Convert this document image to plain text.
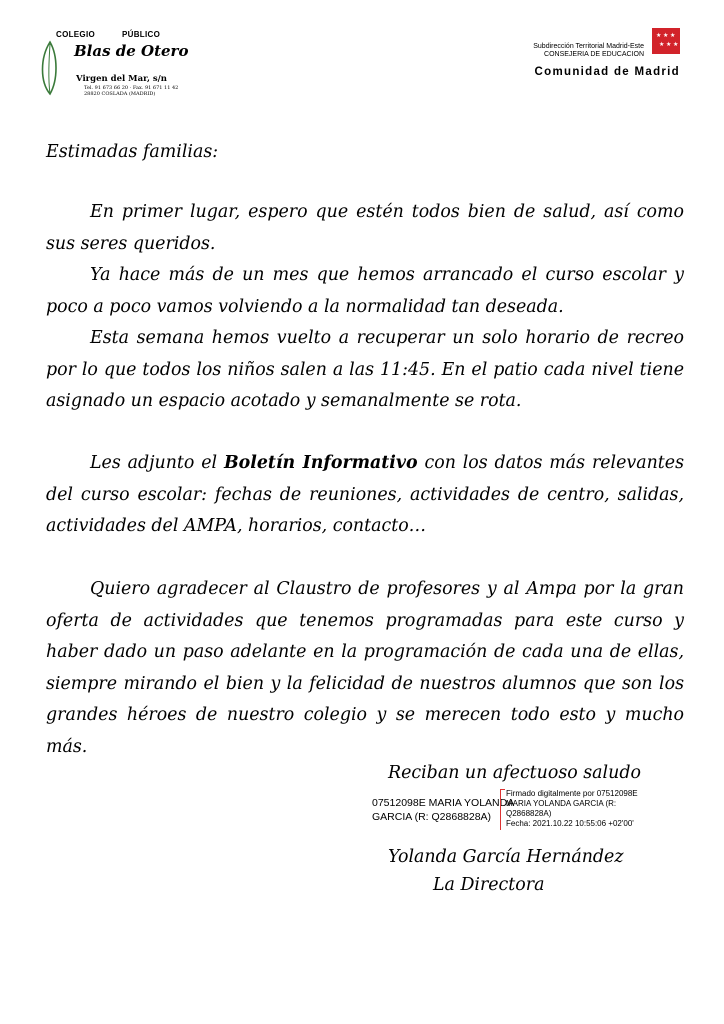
COLEGIO	PÚBLICO
Blas de Otero
Virgen del Mar, s/n
Tel. 91 673 66 20 · Fax. 91 671 11 42
28820 COSLADA (MADRID)
★ ★ ★
★ ★ ★
Subdirección Territorial Madrid-Este
CONSEJERIA DE EDUCACION
Comunidad de Madrid
Estimadas familias:

En primer lugar, espero que estén todos bien de salud, así como sus seres queridos.

Ya hace más de un mes que hemos arrancado el curso escolar y poco a poco vamos volviendo a la normalidad tan deseada.

Esta semana hemos vuelto a recuperar un solo horario de recreo por lo que todos los niños salen a las 11:45. En el patio cada nivel tiene asignado un espacio acotado y semanalmente se rota.

Les adjunto el Boletín Informativo con los datos más relevantes del curso escolar: fechas de reuniones, actividades de centro, salidas, actividades del AMPA, horarios, contacto…

Quiero agradecer al Claustro de profesores y al Ampa por la gran oferta de actividades que tenemos programadas para este curso y haber dado un paso adelante en la programación de cada una de ellas, siempre mirando el bien y la felicidad de nuestros alumnos que son los grandes héroes de nuestro colegio y se merecen todo esto y mucho más.

Reciban un afectuoso saludo
07512098E MARIA YOLANDA
GARCIA (R: Q2868828A)
Firmado digitalmente por 07512098E
MARIA YOLANDA GARCIA (R:
Q2868828A)
Fecha: 2021.10.22 10:55:06 +02'00'
Yolanda García Hernández
La Directora
